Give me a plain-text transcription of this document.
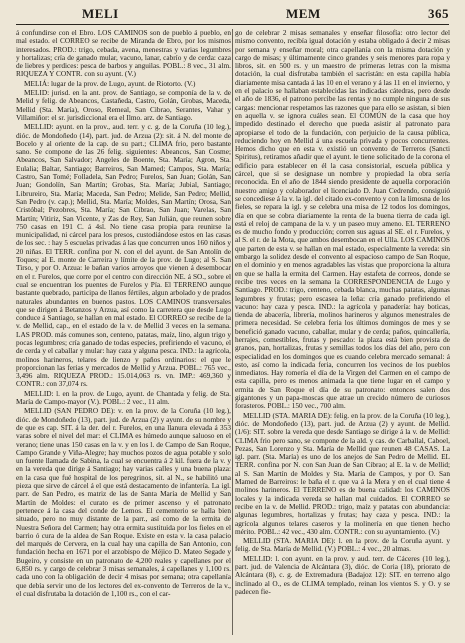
MELI	MEM	365

á confundirse con el Ebro. LOS CAMINOS son de pueblo á pueblo, en mal estado. el CORREO se recibe de Miranda de Ebro, por los mismos interesados. PROD.: trigo, cebada, avena, menestras y varias legumbres y hortalizas; cría de ganado mular, vacuno, lanar, cabrío y de cerda: caza de liebres y perdices: pesca de barbos y anguilas. POBL.: 8 vec., 31 alm. RIQUEZA Y CONTR. con su ayunt. (V.)

MELIÁ: lugar de la prov. de Lugo, ayunt. de Riotorto. (V.)

MELID: jurisd. en la ant. prov. de Santiago, se componía de la v. de Melid y felig. de Abeancos, Castañeda, Castro, Golán, Grobas, Maceda, Mellid (Sta. María), Oroso, Remeal, San Cibrao, Serantes, Vahar y Villamiñor: el sr. jurisdiccional era el Ilmo. arz. de Santiago.

MELLID: ayunt. en la prov., aud. terr. y c. g. de la Coruña (10 leg.), dióc. de Mondoñedo (14), part. jud. de Arzua (2): sit. á N. del monte de Bocelo y al oriente de la cap. de su part.; CLIMA frio, pero bastante sano. Se compone de las 26 felig. siguientes: Abeancos, San Cosme; Abeancos, San Salvador; Angeles de Boente, Sta. María; Agron, Sta. Eulalia; Baltar, Santiago; Barreiros, San Mamed; Campos, Sta. María; Castro, San Tomé; Folladela, San Pedro; Furelos, San Juan; Golán, San Juan; Gondolín, San Martín; Grobas, Sta. María; Jubial, Santiago; Librureiro, Sta. María; Maceda, San Pedro; Melide, San Pedro; Mellid, San Pedro (v. cap.); Mellid, Sta. María; Moldes, San Martín; Orosa, San Cristóbal; Pezobres, Sta. María; San Cibrao, San Juan; Varelas, San Martín; Vitiriz, San Vicente, y Zas de Rey, San Julián, que reunen sobre 750 casas en 191 C. á 4sl. No tiene casa propia para reunirse la municipalidad, ni cárcel para los presos, custodiándose estos en las casas de los sec. : hay 5 escuelas privadas á las que concurren unos 160 niños y 20 niñas. El TERR. confina por N. con el del ayunt. de San Antolín de Toques; al E. monte de Carreira y límite de la prov. de Lugo; al S. San Tirso, y por O. Arzua: le bañan varios arroyos que vienen á desembocar en el r. Furelos, que corre por el centro con dirección NE. á SO., sobre el cual se encuentran los puentes de Furelos y Pía. El TERRENO aunque bastante quebrado, participa de llanos fértiles, algun arbolado y de prados naturales abundantes en buenos pastos. LOS CAMINOS transversales que se dirigen á Betanzos y Arzua, así como la carretera que desde Lugo conduce á Santiago, se hallan en mal estado. El CORREO se recibe de la v. de Mellid, cap., en el estado de la v. de Mellid 3 veces en la semana. LAS PROD. más comunes son, centeno, patatas, maíz, lino, algun trigo y pocas legumbres; cría ganado de todas especies, prefiriendo el vacuno, el de cerda y el caballar y mular: hay caza y alguna pesca. IND.: la agrícola, molinos harineros, telares de lienzo y paños ordinarios: el que le proporcionan las ferias y mercados de Mellid y Arzua. POBL.: 765 vec., 3,496 alm. RIQUEZA PROD.: 15.014,063 rs. vn. IMP.: 469,360 y CONTR.: con 37,074 rs.

MELLID: l. en la prov. de Lugo, ayunt. de Chantada y felig. de Sta. María de Campo-mayor (V.). POBL.: 2 vec., 11 alm.

MELLID (SAN PEDRO DE): v. en la prov. de la Coruña (10 leg.), dióc. de Mondoñedo (13), part. jud. de Arzua (2) y ayunt. de su nombre y de que es cap. SIT. á la der. del r. Furelos, en una llanura elevada á 353 varas sobre el nivel del mar: el CLIMA es húmedo aunque saluoso en el verano; tiene unas 150 casas en la v. y en los l. de Campo de San Roque, Campo Grande y Viña-Alegre; hay muchos pozos de agua potable y solo un fuente llamada de Sabina, la cual se encuentra á 2 kil. fuera de la v. y en la vereda que dirige á Santiago; hay varias calles y una buena plaza: en la casa que fué hospital de los peregrinos, sit. al N., se habilitó una pieza que sirve de cárcel á el que está destacamento de infantería. La igl. parr. de San Pedro, es matriz de las de Santa María de Mellid y San Martín de Moldes: el curato es de primer ascenso y el patronato pertenece á la casa del conde de Lemos. El cementerio se halla bien situado, pero no muy distante de la parr., así como de la ermita de Nuestra Señora del Carmen; hay otra ermita sustituida por los fieles en el barrio ó cura de la aldea de San Roque. Existe en esta v. la casa palacio del marqués de Cervera, en la cual hay una capilla de San Antonio, con fundación hecha en 1671 por el arzobispo de Méjico D. Mateo Segade y Bugeiro, y consiste en un patronato de 4,200 reales y capellanes por el 6,850 rs. y cargo de celebrar 3 misas semanales, á capellanes y 1,100 rs. cada uno con la obligación de decir 4 misas por semana; otra capellanía que debía servir uno de los lectores del ex-convento de Terreros de la v., el cual disfrutaba la dotación de 1,100 rs., con el car-

go de celebrar 2 misas semanales y enseñar filosofía: otro lector del mismo convento, recibía igual dotación y estaba obligado á decir 2 misas por semana y enseñar moral; otra capellanía con la misma dotación y cargo de misas; y últimamente cinco grandes y seis menores para ropa y libros, sit. en 500 rs. y un maestro de primeras letras con la misma dotación, la cual disfrutaba también el sacristán: en esta capilla había diariamente misa cantada á las 10 en el verano y á las 11 en el invierno, y en el palacio se hallaban establecidas las indicadas cátedras, pero desde el año de 1836, el patrono percibe las rentas y no cumple ninguna de sus cargas: mencionar respetamos las razones que para ello se asistan, si bien en aquella v. se ignora cuáles sean. El COMÚN de la casa que hoy impedido destinado el derecho que pueda asistir al patronato para apropiarse el todo de la fundación, con perjuicio de la causa pública, reduciendo hoy en Mellid á una escuela privada y pocos concurrentes. Hemos dicho que en esta v. existió un convento de Terreros (Sancti Spiritus), retiramos añadir que el ayunt. le tiene solicitado de la corona el edificio para establecer en él la casa consistorial, escuela pública y cárcel, que si se designase un nombre y propiedad la obra sería reconocida. En el año de 1844 siendo presidente de aquella corporación nuestro amigo y colaborador el licenciado D. Juan Cedrendo, consiguió se concediese á la v. la igl. del citado ex-convento y con la limosna de los fieles, se repara la igl. y se celebra una misa de 12 todos los domingos, día en que se cobra diariamente la renta de la buena tierra de cada igl. está el reloj de campana de la v. y un paseo muy ameno. EL TERRENO es de mucho fondo y producción; corren sus aguas al SE. el r. Furelos, y al S. el r. de la Mota, que ambos desembocan en el Ulla. LOS CAMINOS que parten de esta v. se hallan en mal estado, especialmente la vereda: sin embargo la solidez desde el convento al espacioso campo de San Roque, en el dominio y en menos agradables las vistas que proporciona la altura en que se halla la ermita del Carmen. Hay estafeta de correos, donde se recibe tres veces en la semana la CORRESPONDENCIA de Lugo y Santiago. PROD.: trigo, centeno, cebada blanca, muchas patatas, algunas legumbres y frutas; pero escasea la leña: cría ganado prefiriendo el vacuno: hay caza y pesca. IND.: la agrícola y panadería: hay boticas, tienda de abacería, librería, molinos harineros y algunos menestrales de primera necesidad. Se celebra feria los últimos domingos de mes y se benefició ganado vacuno, caballar, mular y de cerda; paños, quincallería, herrajes, comestibles, frutas y pescado: la plaza está bien provista de granos, pan, hortalizas, frutas y semillas todos los días del año, pero con especialidad en los domingos que es cuando celebra mercado semanal: á esto, así como la indicada feria, concurren los vecinos de los pueblos inmediatos. Hay romería el día de la Virgen del Carmen en el campo de esta capilla, pero es menos animada la que tiene lugar en el campo y ermita de San Roque el día de su patronato: entonces salen dos gigantones y un papa-moscas que atrae un crecido número de curiosos forasteros. POBL.: 150 vec., 700 alm.

MELLID (STA. MARIA DE): felig. en la prov. de la Coruña (10 leg.), dióc. de Mondoñedo (13), part. jud. de Arzua (2) y ayunt. de Mellid. (1/6): SIT. sobre la vereda que desde Santiago se dirige á la v. de Mellid: CLIMA frio pero sano, se compone de la ald. y cas. de Carballal, Caboel, Pezas, San Lorenzo y Sta. María de Mellid que reunen 48 CASAS. La igl. parr. (Sta. María) es uno de los anejos de San Pedro de Mellid. EL TERR. confina por N. con San Juan de San Cibrao; al E. la v. de Mellid; al S. San Martín de Moldes y Sta. María de Campos, y por O. San Mamed de Barreiros: le baña el r. que va á la Mera y en el cual tiene 4 molinos harineros. El TERRENO es de buena calidad: los CAMINOS locales y la indicada vereda se hallan mal cuidados. El CORREO se recibe en la v. de Mellid. PROD.: trigo, maíz y patatas con abundancia: algunas legumbres, hortalizas y frutas; hay caza y pesca. IND.: la agrícola algunos telares caseros y la molinería en que tienen hecho mérito. POBL.: 42 vec., 430 alm. CONTR.: con su ayuntamiento. (V.)

MELLID (STA. MARIA DE): l. en la prov. de la Coruña ayunt. y felig. de Sta. María de Mellid. (V.) POBL.: 4 vec., 20 almas.

MELLID: l. con ayunt. en la prov. y aud. terr. de Cáceres (10 leg.), part. jud. de Valencia de Alcántara (3), dióc. de Coria (18), priorato de Alcántara (8), c. g. de Extremadura (Badajoz 12): SIT. en terreno algo inclinado al O., es de CLIMA templado, reinan los vientos S. y O. y se padecen fie-
